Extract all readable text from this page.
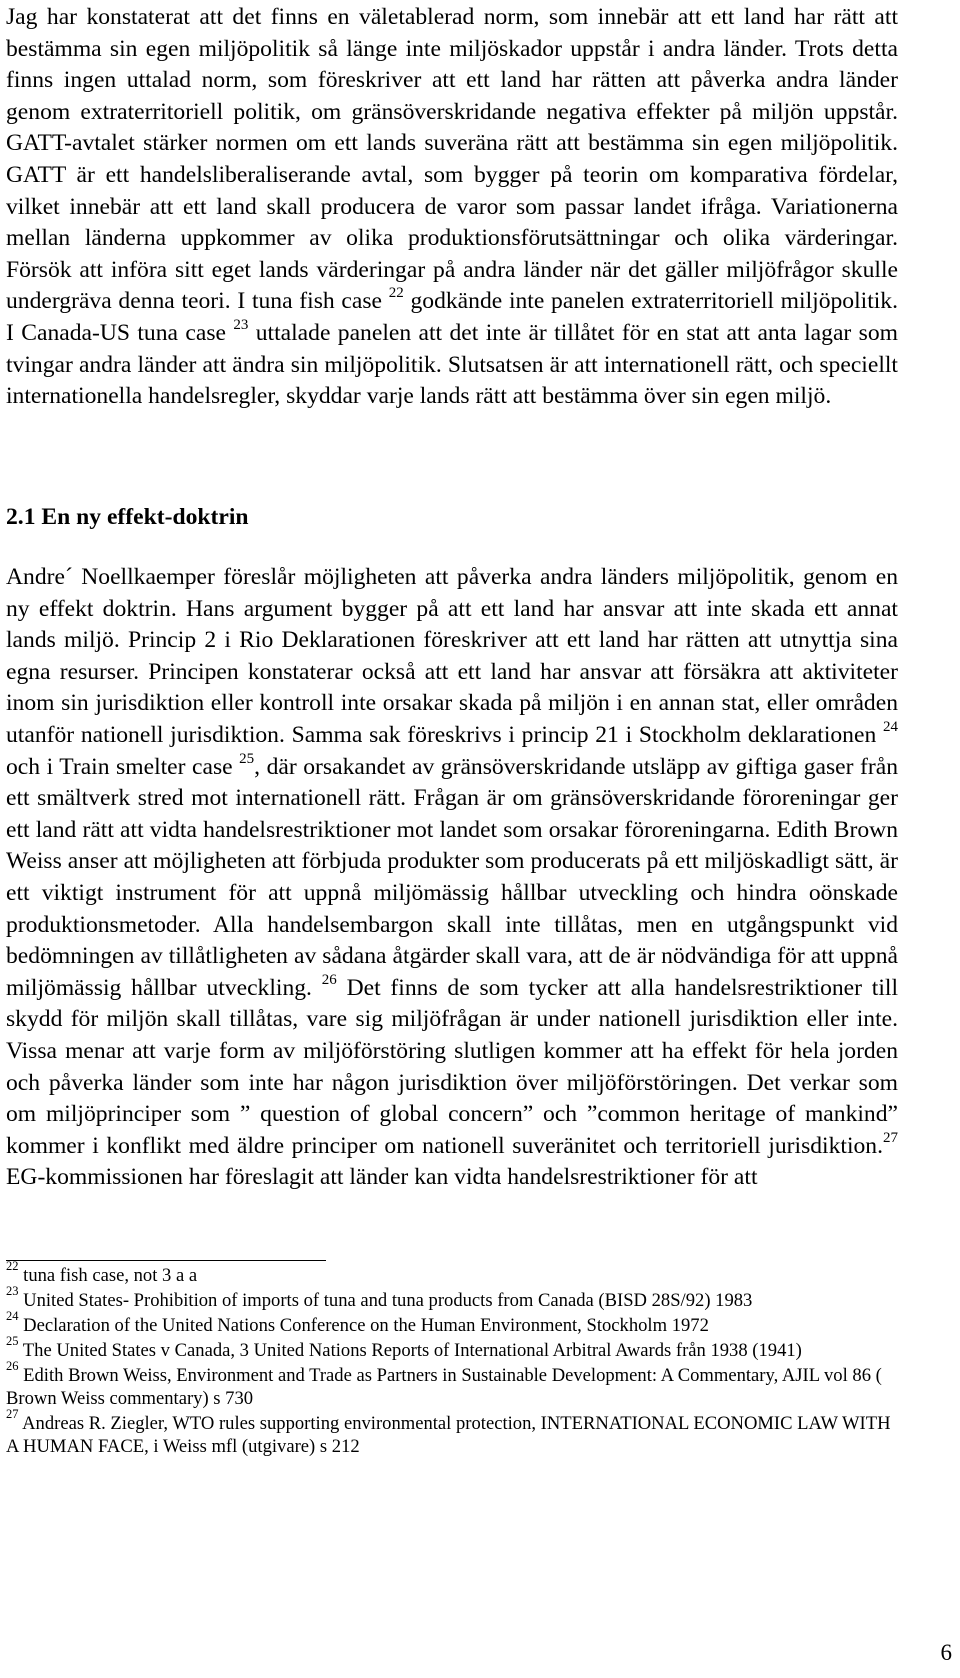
Jag har konstaterat att det finns en väletablerad norm, som innebär att ett land har rätt att bestämma sin egen miljöpolitik så länge inte miljöskador uppstår i andra länder. Trots detta finns ingen uttalad norm, som föreskriver att ett land har rätten att påverka andra länder genom extraterritoriell politik, om gränsöverskridande negativa effekter på miljön uppstår. GATT-avtalet stärker normen om ett lands suveräna rätt att bestämma sin egen miljöpolitik. GATT är ett handelsliberaliserande avtal, som bygger på teorin om komparativa fördelar, vilket innebär att ett land skall producera de varor som passar landet ifråga. Variationerna mellan länderna uppkommer av olika produktionsförutsättningar och olika värderingar. Försök att införa sitt eget lands värderingar på andra länder när det gäller miljöfrågor skulle undergräva denna teori. I tuna fish case $^{22}$ godkände inte panelen extraterritoriell miljöpolitik. I Canada-US tuna case $^{23}$ uttalade panelen att det inte är tillåtet för en stat att anta lagar som tvingar andra länder att ändra sin miljöpolitik. Slutsatsen är att internationell rätt, och speciellt internationella handelsregler, skyddar varje lands rätt att bestämma över sin egen miljö.

2.1 En ny effekt-doktrin

Andre´ Noellkaemper föreslår möjligheten att påverka andra länders miljöpolitik, genom en ny effekt doktrin. Hans argument bygger på att ett land har ansvar att inte skada ett annat lands miljö. Princip 2 i Rio Deklarationen föreskriver att ett land har rätten att utnyttja sina egna resurser. Principen konstaterar också att ett land har ansvar att försäkra att aktiviteter inom sin jurisdiktion eller kontroll inte orsakar skada på miljön i en annan stat, eller områden utanför nationell jurisdiktion. Samma sak föreskrivs i princip 21 i Stockholm deklarationen $^{24}$ och i Train smelter case $^{25}$, där orsakandet av gränsöverskridande utsläpp av giftiga gaser från ett smältverk stred mot internationell rätt. Frågan är om gränsöverskridande föroreningar ger ett land rätt att vidta handelsrestriktioner mot landet som orsakar föroreningarna. Edith Brown Weiss anser att möjligheten att förbjuda produkter som producerats på ett miljöskadligt sätt, är ett viktigt instrument för att uppnå miljömässig hållbar utveckling och hindra oönskade produktionsmetoder. Alla handelsembargon skall inte tillåtas, men en utgångspunkt vid bedömningen av tillåtligheten av sådana åtgärder skall vara, att de är nödvändiga för att uppnå miljömässig hållbar utveckling. $^{26}$ Det finns de som tycker att alla handelsrestriktioner till skydd för miljön skall tillåtas, vare sig miljöfrågan är under nationell jurisdiktion eller inte. Vissa menar att varje form av miljöförstöring slutligen kommer att ha effekt för hela jorden och påverka länder som inte har någon jurisdiktion över miljöförstöringen. Det verkar som om miljöprinciper som ” question of global concern” och ”common heritage of mankind” kommer i konflikt med äldre principer om nationell suveränitet och territoriell jurisdiktion.$^{27}$ EG-kommissionen har föreslagit att länder kan vidta handelsrestriktioner för att

$^{22}$ tuna fish case, not 3 a a

$^{23}$ United States- Prohibition of imports of tuna and tuna products from Canada (BISD 28S/92) 1983

$^{24}$ Declaration of the United Nations Conference on the Human Environment, Stockholm 1972

$^{25}$ The United States v Canada, 3 United Nations Reports of International Arbitral Awards från 1938 (1941)

$^{26}$ Edith Brown Weiss, Environment and Trade as Partners in Sustainable Development: A Commentary, AJIL vol 86 ( Brown Weiss commentary) s 730

$^{27}$ Andreas R. Ziegler, WTO rules supporting environmental protection, INTERNATIONAL ECONOMIC LAW WITH A HUMAN FACE, i Weiss mfl (utgivare) s 212

6
